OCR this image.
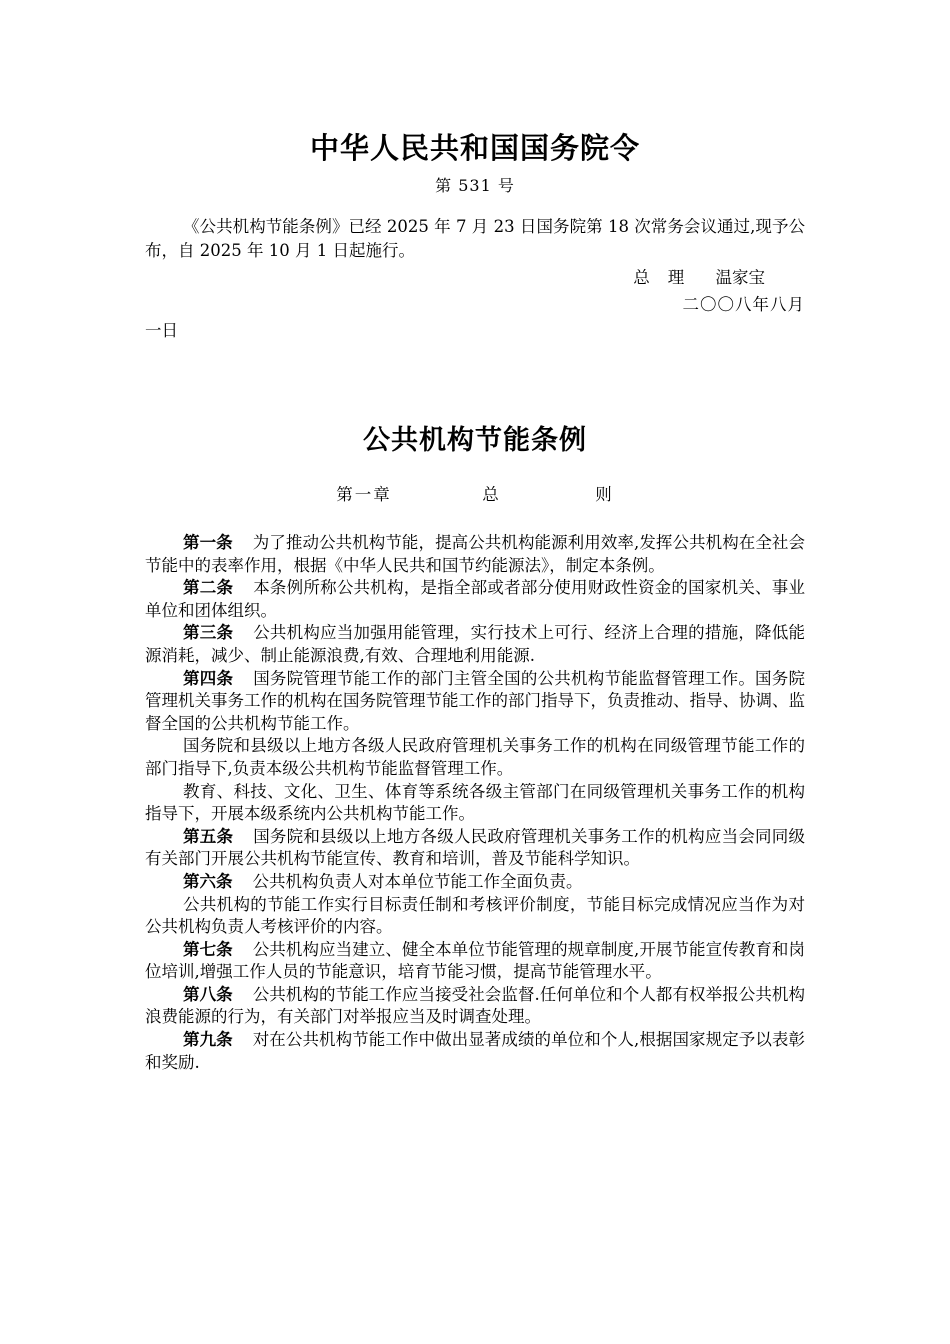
中华人民共和国国务院令
第 531 号

《公共机构节能条例》已经 2025 年 7 月 23 日国务院第 18 次常务会议通过,现予公布，自 2025 年 10 月 1 日起施行。

总理 温家宝
二〇〇八年八月
一日
公共机构节能条例
第一章	总	则

第一条 为了推动公共机构节能，提高公共机构能源利用效率,发挥公共机构在全社会节能中的表率作用，根据《中华人民共和国节约能源法》，制定本条例。

第二条 本条例所称公共机构，是指全部或者部分使用财政性资金的国家机关、事业单位和团体组织。

第三条 公共机构应当加强用能管理，实行技术上可行、经济上合理的措施，降低能源消耗，减少、制止能源浪费,有效、合理地利用能源.

第四条 国务院管理节能工作的部门主管全国的公共机构节能监督管理工作。国务院管理机关事务工作的机构在国务院管理节能工作的部门指导下，负责推动、指导、协调、监督全国的公共机构节能工作。

国务院和县级以上地方各级人民政府管理机关事务工作的机构在同级管理节能工作的部门指导下,负责本级公共机构节能监督管理工作。

教育、科技、文化、卫生、体育等系统各级主管部门在同级管理机关事务工作的机构指导下，开展本级系统内公共机构节能工作。

第五条 国务院和县级以上地方各级人民政府管理机关事务工作的机构应当会同同级有关部门开展公共机构节能宣传、教育和培训，普及节能科学知识。

第六条 公共机构负责人对本单位节能工作全面负责。

公共机构的节能工作实行目标责任制和考核评价制度，节能目标完成情况应当作为对公共机构负责人考核评价的内容。

第七条 公共机构应当建立、健全本单位节能管理的规章制度,开展节能宣传教育和岗位培训,增强工作人员的节能意识，培育节能习惯，提高节能管理水平。

第八条 公共机构的节能工作应当接受社会监督.任何单位和个人都有权举报公共机构浪费能源的行为，有关部门对举报应当及时调查处理。

第九条 对在公共机构节能工作中做出显著成绩的单位和个人,根据国家规定予以表彰和奖励.
